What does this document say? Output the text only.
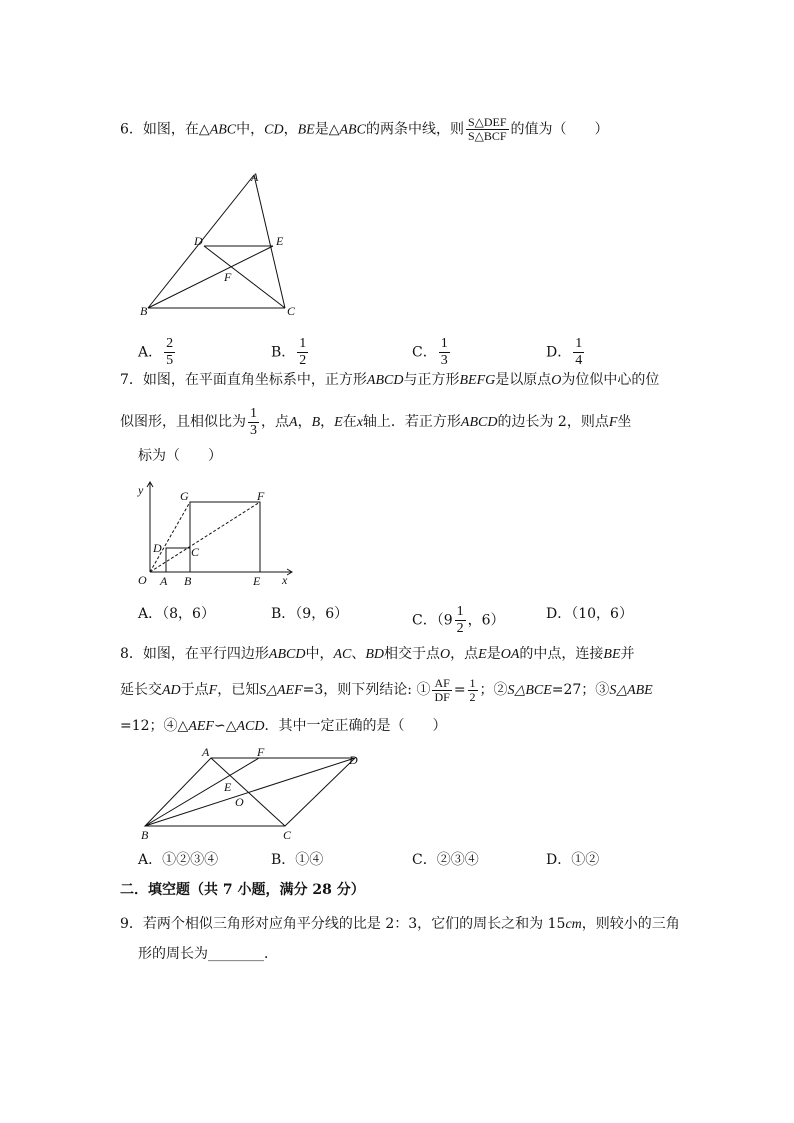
6．如图，在△ABC中，CD，BE是△ABC的两条中线，则 $\frac{\text{S△DEF}}{\text{S△BCF}}$ 的值为（　　）
A
D	E
F
B	C
A． $\frac{2}{5}$	B． $\frac{1}{2}$	C． $\frac{1}{3}$	D． $\frac{1}{4}$
7．如图，在平面直角坐标系中，正方形ABCD与正方形BEFG是以原点O为位似中心的位
似图形，且相似比为 $\frac{1}{3}$ ，点A，B，E在x轴上．若正方形ABCD的边长为 2，则点F坐
标为（　　）
y
x
O A B	E
D C
G	F
A．（8，6）	B．（9，6）	C．（$9 \frac{1}{2}$ ，6）	D．（10，6）
8．如图，在平行四边形ABCD中，AC、BD相交于点O，点E是OA的中点，连接BE并
延长交AD于点F，已知S△AEF=3，则下列结论: ① $\frac{AF}{DF} = \frac{1}{2}$ ；②S△BCE=27；③S△ABE
=12；④△AEF∽△ACD．其中一定正确的是（　　）
A	F
D
E
O
B	C
A．①②③④	B．①④	C．②③④	D．①②
二．填空题（共 7 小题，满分 28 分）
9．若两个相似三角形对应角平分线的比是 2：3，它们的周长之和为 15cm，则较小的三角
形的周长为________．
